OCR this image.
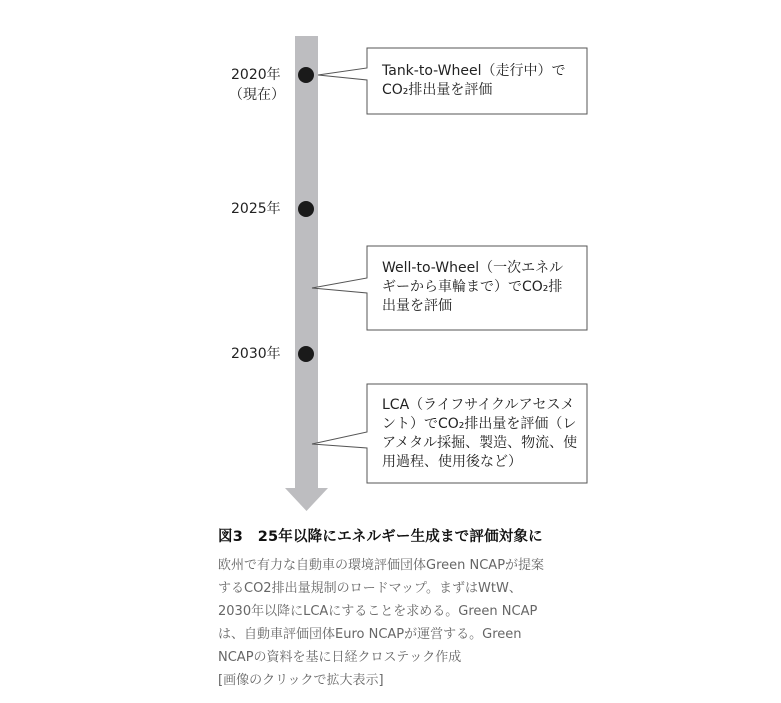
2020年
（現在）
2025年
2030年
Tank-to-Wheel（走行中）で
CO₂排出量を評価
Well-to-Wheel（一次エネル
ギーから車輪まで）でCO₂排
出量を評価
LCA（ライフサイクルアセスメ
ント）でCO₂排出量を評価（レ
アメタル採掘、製造、物流、使
用過程、使用後など）

図3　25年以降にエネルギー生成まで評価対象に

欧州で有力な自動車の環境評価団体Green NCAPが提案
するCO2排出量規制のロードマップ。まずはWtW、
2030年以降にLCAにすることを求める。Green NCAP
は、自動車評価団体Euro NCAPが運営する。Green
NCAPの資料を基に日経クロステック作成

[画像のクリックで拡大表示]
